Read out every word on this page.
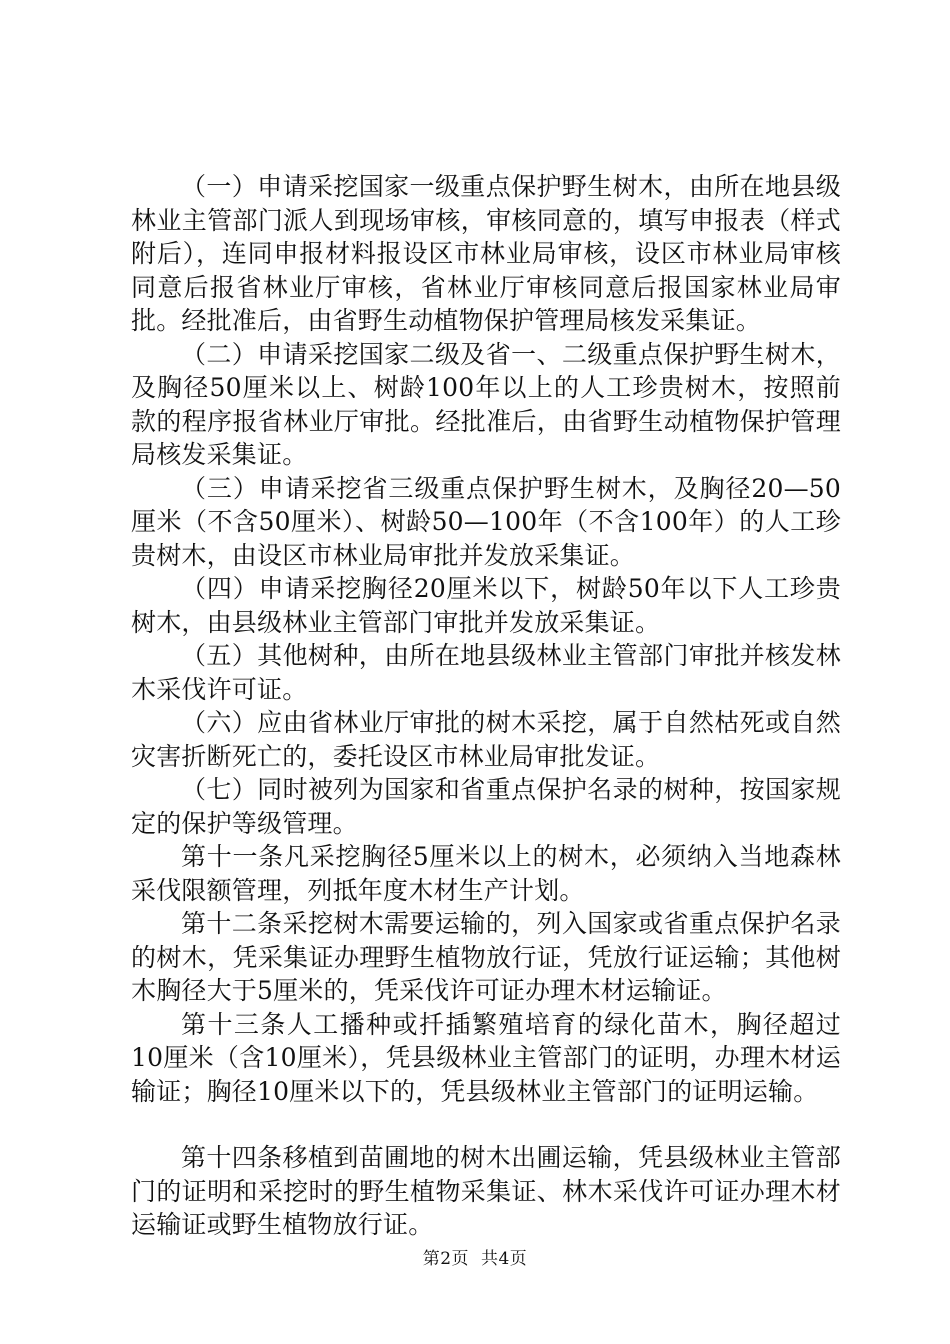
（一）申请采挖国家一级重点保护野生树木，由所在地县级林业主管部门派人到现场审核，审核同意的，填写申报表（样式附后），连同申报材料报设区市林业局审核，设区市林业局审核同意后报省林业厅审核，省林业厅审核同意后报国家林业局审批。经批准后，由省野生动植物保护管理局核发采集证。

（二）申请采挖国家二级及省一、二级重点保护野生树木，及胸径50厘米以上、树龄100年以上的人工珍贵树木，按照前款的程序报省林业厅审批。经批准后，由省野生动植物保护管理局核发采集证。

（三）申请采挖省三级重点保护野生树木，及胸径20—50厘米（不含50厘米）、树龄50—100年（不含100年）的人工珍贵树木，由设区市林业局审批并发放采集证。

（四）申请采挖胸径20厘米以下，树龄50年以下人工珍贵树木，由县级林业主管部门审批并发放采集证。

（五）其他树种，由所在地县级林业主管部门审批并核发林木采伐许可证。

（六）应由省林业厅审批的树木采挖，属于自然枯死或自然灾害折断死亡的，委托设区市林业局审批发证。

（七）同时被列为国家和省重点保护名录的树种，按国家规定的保护等级管理。

第十一条凡采挖胸径5厘米以上的树木，必须纳入当地森林采伐限额管理，列抵年度木材生产计划。

第十二条采挖树木需要运输的，列入国家或省重点保护名录的树木，凭采集证办理野生植物放行证，凭放行证运输；其他树木胸径大于5厘米的，凭采伐许可证办理木材运输证。

第十三条人工播种或扦插繁殖培育的绿化苗木，胸径超过10厘米（含10厘米），凭县级林业主管部门的证明，办理木材运输证；胸径10厘米以下的，凭县级林业主管部门的证明运输。

第十四条移植到苗圃地的树木出圃运输，凭县级林业主管部门的证明和采挖时的野生植物采集证、林木采伐许可证办理木材运输证或野生植物放行证。

第2页 共4页
